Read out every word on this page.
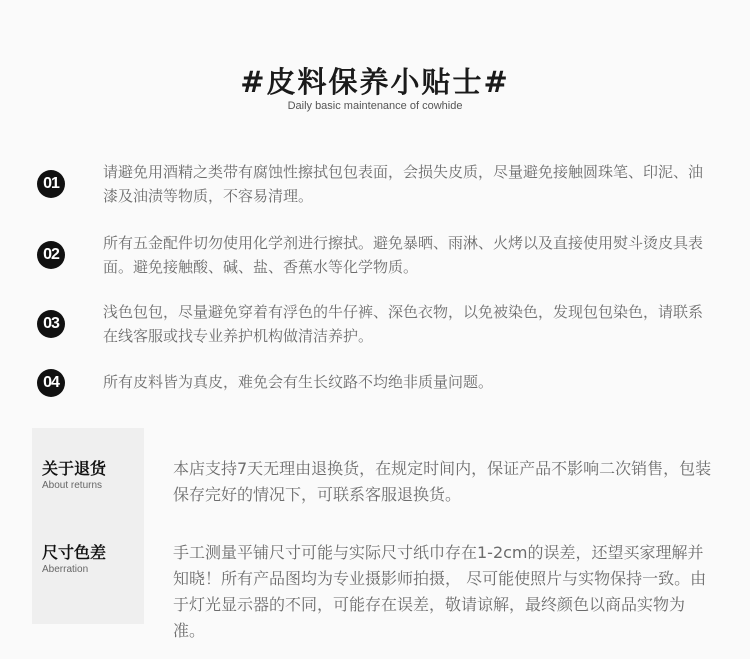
#皮料保养小贴士#
Daily basic maintenance of cowhide
01
请避免用酒精之类带有腐蚀性擦拭包包表面，会损失皮质，尽量避免接触圆珠笔、印泥、油漆及油渍等物质，不容易清理。
02
所有五金配件切勿使用化学剂进行擦拭。避免暴晒、雨淋、火烤以及直接使用熨斗烫皮具表面。避免接触酸、碱、盐、香蕉水等化学物质。
03
浅色包包，尽量避免穿着有浮色的牛仔裤、深色衣物，以免被染色，发现包包染色，请联系在线客服或找专业养护机构做清洁养护。
04	所有皮料皆为真皮，难免会有生长纹路不均绝非质量问题。
关于退货
About returns
本店支持7天无理由退换货，在规定时间内，保证产品不影响二次销售，包装保存完好的情况下，可联系客服退换货。
尺寸色差
Aberration
手工测量平铺尺寸可能与实际尺寸纸巾存在1-2cm的误差，还望买家理解并知晓！所有产品图均为专业摄影师拍摄， 尽可能使照片与实物保持一致。由于灯光显示器的不同，可能存在误差，敬请谅解，最终颜色以商品实物为准。
